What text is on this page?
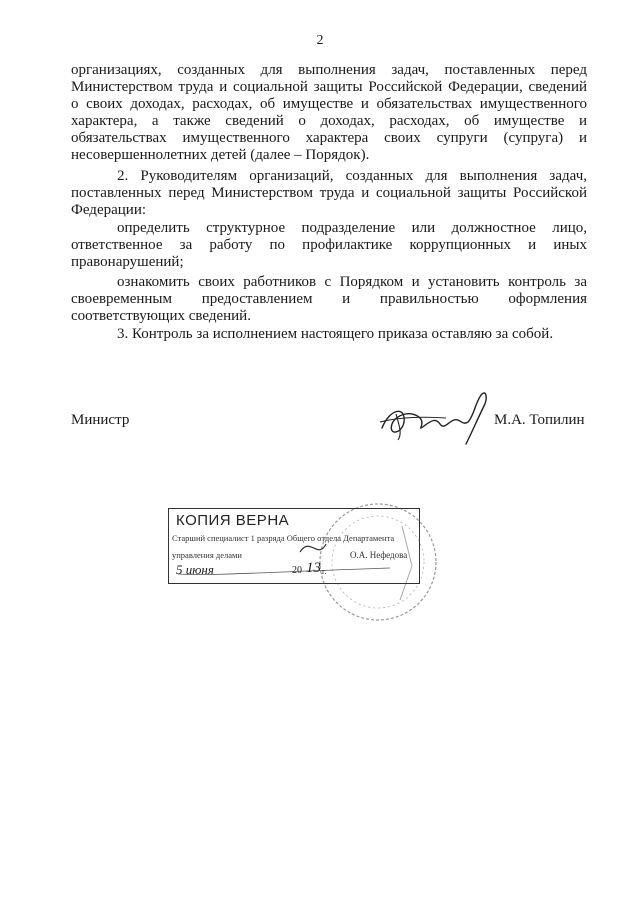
2

организациях, созданных для выполнения задач, поставленных перед

Министерством труда и социальной защиты Российской Федерации, сведений

о своих доходах, расходах, об имуществе и обязательствах имущественного

характера, а также сведений о доходах, расходах, об имуществе и

обязательствах имущественного характера своих супруги (супруга) и

несовершеннолетних детей (далее – Порядок).

2. Руководителям организаций, созданных для выполнения задач,

поставленных перед Министерством труда и социальной защиты Российской

Федерации:

определить структурное подразделение или должностное лицо,

ответственное за работу по профилактике коррупционных и иных

правонарушений;

ознакомить своих работников с Порядком и установить контроль за

своевременным предоставлением и правильностью оформления

соответствующих сведений.

3. Контроль за исполнением настоящего приказа оставляю за собой.

Министр	М.А. Топилин
КОПИЯ ВЕРНА
Старший специалист 1 разряда Общего отдела Департамента
управления делами	О.А. Нефедова
5 июня	20 13 г.
